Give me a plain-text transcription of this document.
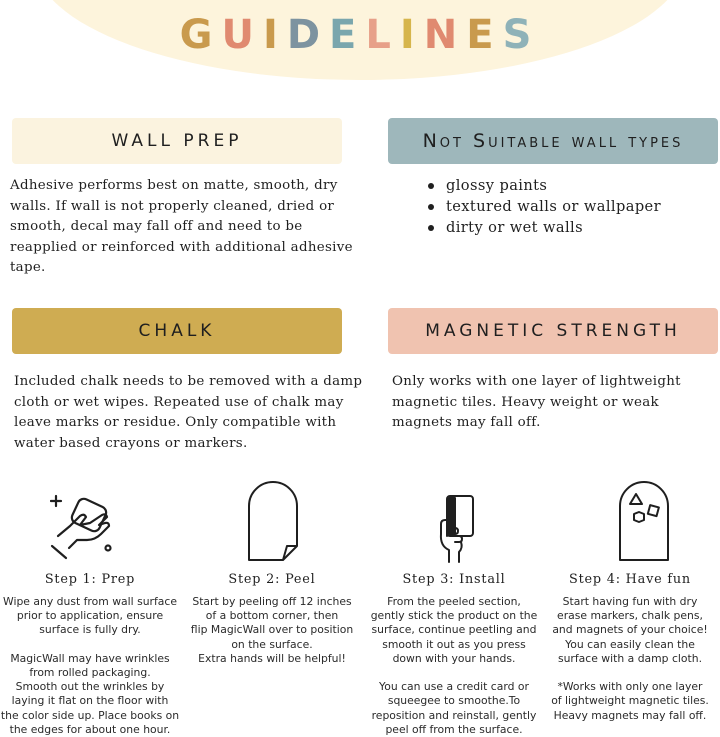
GUIDELINES
WALL PREP

Adhesive performs best on matte, smooth, dry walls. If wall is not properly cleaned, dried or smooth, decal may fall off and need to be reapplied or reinforced with additional adhesive tape.

Not Suitable wall types
glossy paints
textured walls or wallpaper
dirty or wet walls
CHALK

Included chalk needs to be removed with a damp cloth or wet wipes. Repeated use of chalk may leave marks or residue. Only compatible with water based crayons or markers.

MAGNETIC STRENGTH

Only works with one layer of lightweight magnetic tiles. Heavy weight or weak magnets may fall off.

Step 1: Prep
Wipe any dust from wall surface
prior to application, ensure
surface is fully dry.

MagicWall may have wrinkles
from rolled packaging.
Smooth out the wrinkles by
laying it flat on the floor with
the color side up. Place books on
the edges for about one hour.
Step 2: Peel
Start by peeling off 12 inches
of a bottom corner, then
flip MagicWall over to position
on the surface.
Extra hands will be helpful!
Step 3: Install
From the peeled section,
gently stick the product on the
surface, continue peetling and
smooth it out as you press
down with your hands.

You can use a credit card or
squeegee to smoothe.To
reposition and reinstall, gently
peel off from the surface.
Step 4: Have fun
Start having fun with dry
erase markers, chalk pens,
and magnets of your choice!
You can easily clean the
surface with a damp cloth.

*Works with only one layer
of lightweight magnetic tiles.
Heavy magnets may fall off.
